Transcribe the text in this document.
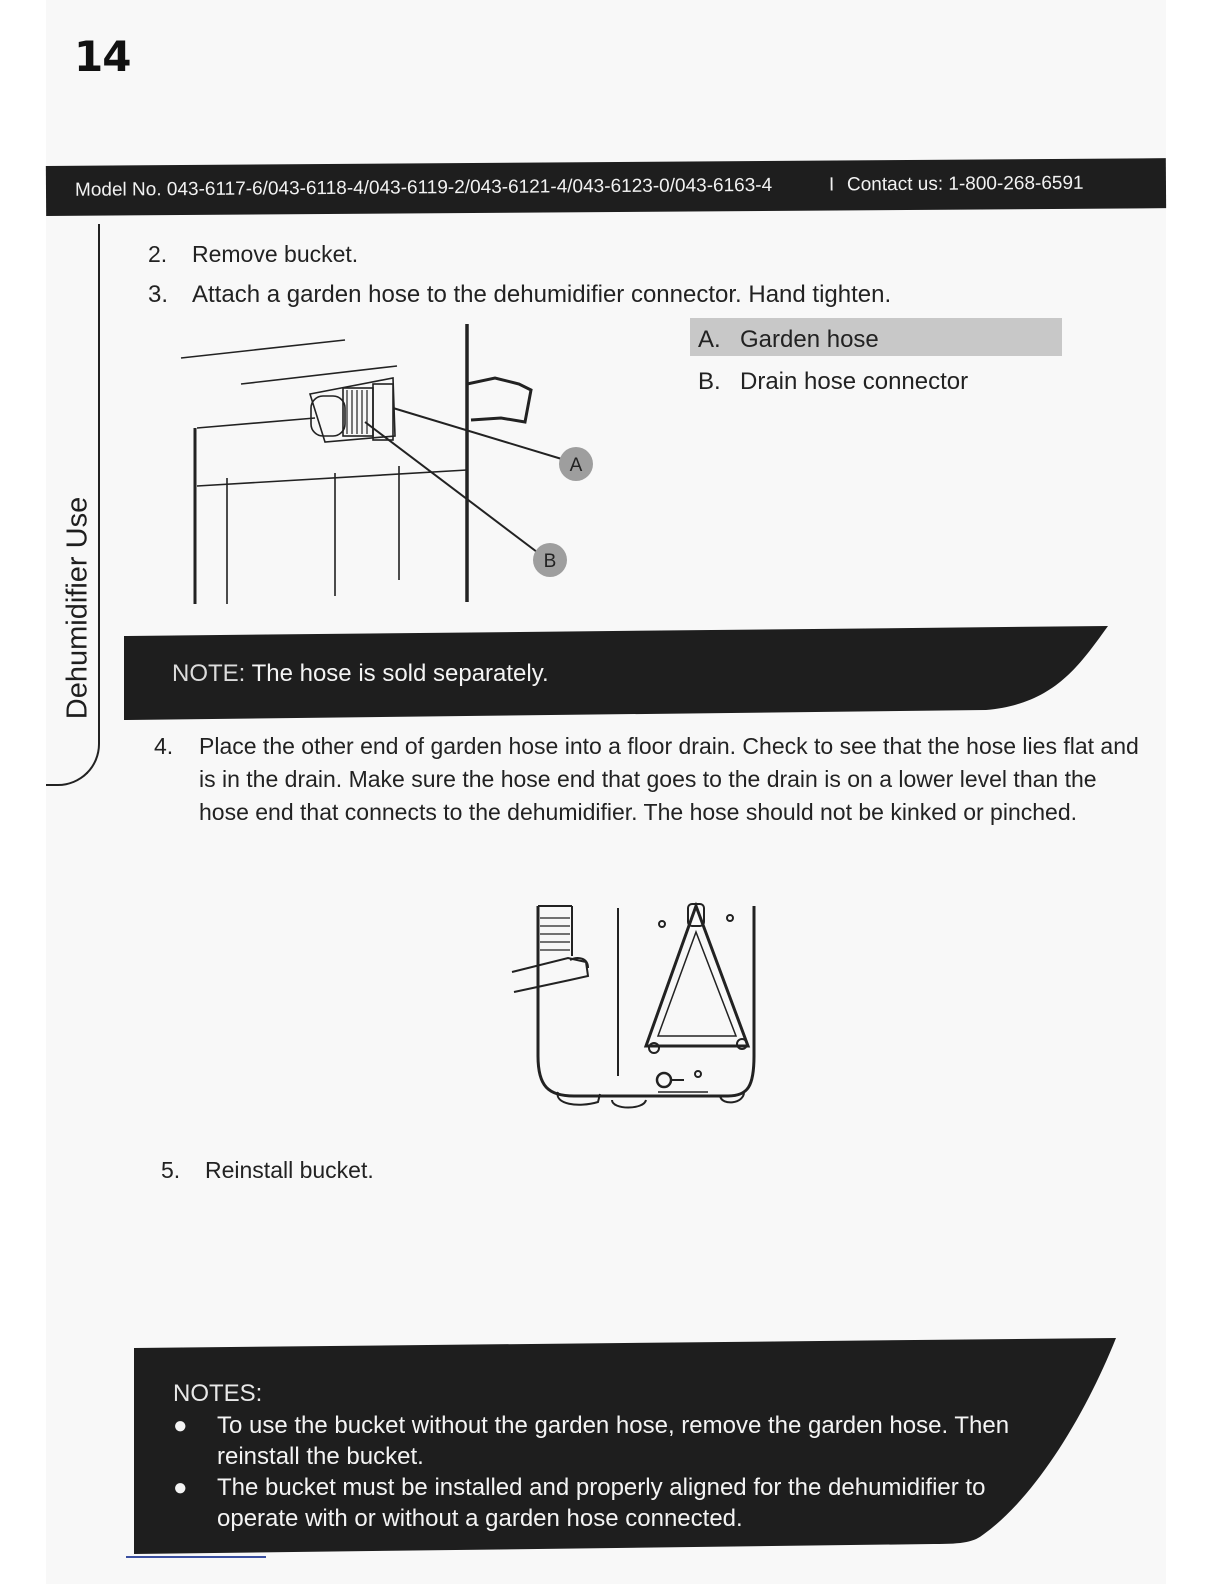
14
Model No. 043-6117-6/043-6118-4/043-6119-2/043-6121-4/043-6123-0/043-6163-4	I Contact us: 1-800-268-6591
Dehumidifier Use
2. Remove bucket.
3. Attach a garden hose to the dehumidifier connector. Hand tighten.
A
B
A. Garden hose
B. Drain hose connector
NOTE: The hose is sold separately.
4. Place the other end of garden hose into a floor drain. Check to see that the hose lies flat and is in the drain. Make sure the hose end that goes to the drain is on a lower level than the hose end that connects to the dehumidifier. The hose should not be kinked or pinched.
5. Reinstall bucket.
NOTES:
● To use the bucket without the garden hose, remove the garden hose. Then reinstall the bucket.
● The bucket must be installed and properly aligned for the dehumidifier to operate with or without a garden hose connected.
